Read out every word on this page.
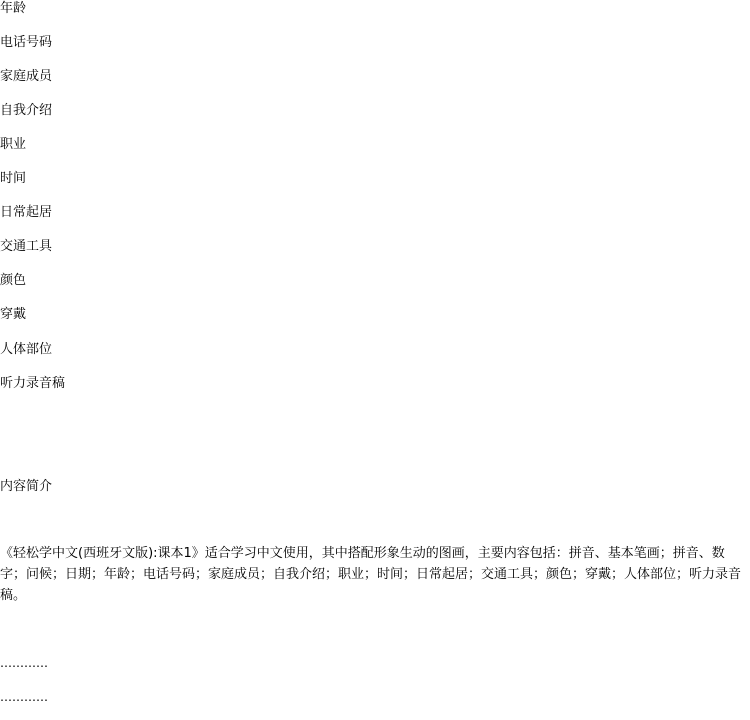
年龄
电话号码
家庭成员
自我介绍
职业
时间
日常起居
交通工具
颜色
穿戴
人体部位
听力录音稿
内容简介
《轻松学中文(西班牙文版):课本1》适合学习中文使用，其中搭配形象生动的图画，主要内容包括：拼音、基本笔画；拼音、数字；问候；日期；年龄；电话号码；家庭成员；自我介绍；职业；时间；日常起居；交通工具；颜色；穿戴；人体部位；听力录音稿。
…………
…………
